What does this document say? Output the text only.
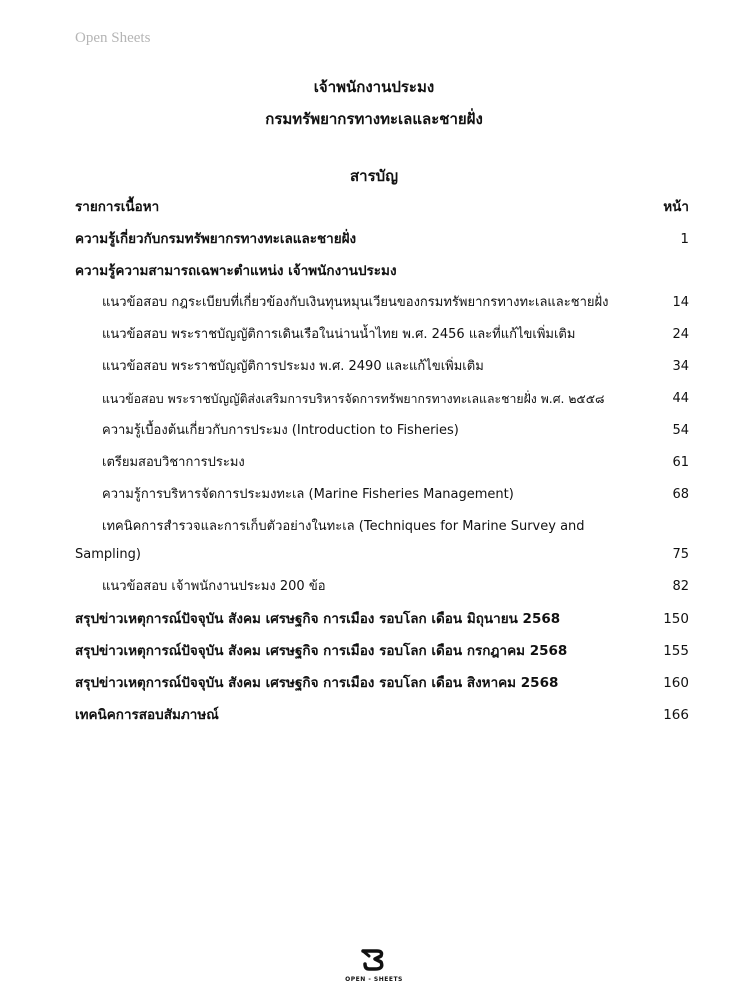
Open Sheets
เจ้าพนักงานประมง
กรมทรัพยากรทางทะเลและชายฝั่ง
สารบัญ
รายการเนื้อหา	หน้า
ความรู้เกี่ยวกับกรมทรัพยากรทางทะเลและชายฝั่ง	1
ความรู้ความสามารถเฉพาะตำแหน่ง เจ้าพนักงานประมง
แนวข้อสอบ กฎระเบียบที่เกี่ยวข้องกับเงินทุนหมุนเวียนของกรมทรัพยากรทางทะเลและชายฝั่ง	14
แนวข้อสอบ พระราชบัญญัติการเดินเรือในน่านน้ำไทย พ.ศ. 2456 และที่แก้ไขเพิ่มเติม	24
แนวข้อสอบ พระราชบัญญัติการประมง พ.ศ. 2490 และแก้ไขเพิ่มเติม	34
แนวข้อสอบ พระราชบัญญัติส่งเสริมการบริหารจัดการทรัพยากรทางทะเลและชายฝั่ง พ.ศ. ๒๕๕๘	44
ความรู้เบื้องต้นเกี่ยวกับการประมง (Introduction to Fisheries)	54
เตรียมสอบวิชาการประมง	61
ความรู้การบริหารจัดการประมงทะเล (Marine Fisheries Management)	68
เทคนิคการสำรวจและการเก็บตัวอย่างในทะเล (Techniques for Marine Survey and Sampling)	75
แนวข้อสอบ เจ้าพนักงานประมง 200 ข้อ	82
สรุปข่าวเหตุการณ์ปัจจุบัน สังคม เศรษฐกิจ การเมือง รอบโลก เดือน มิถุนายน 2568	150
สรุปข่าวเหตุการณ์ปัจจุบัน สังคม เศรษฐกิจ การเมือง รอบโลก เดือน กรกฎาคม 2568	155
สรุปข่าวเหตุการณ์ปัจจุบัน สังคม เศรษฐกิจ การเมือง รอบโลก เดือน สิงหาคม 2568	160
เทคนิคการสอบสัมภาษณ์	166
OPEN - SHEETS
